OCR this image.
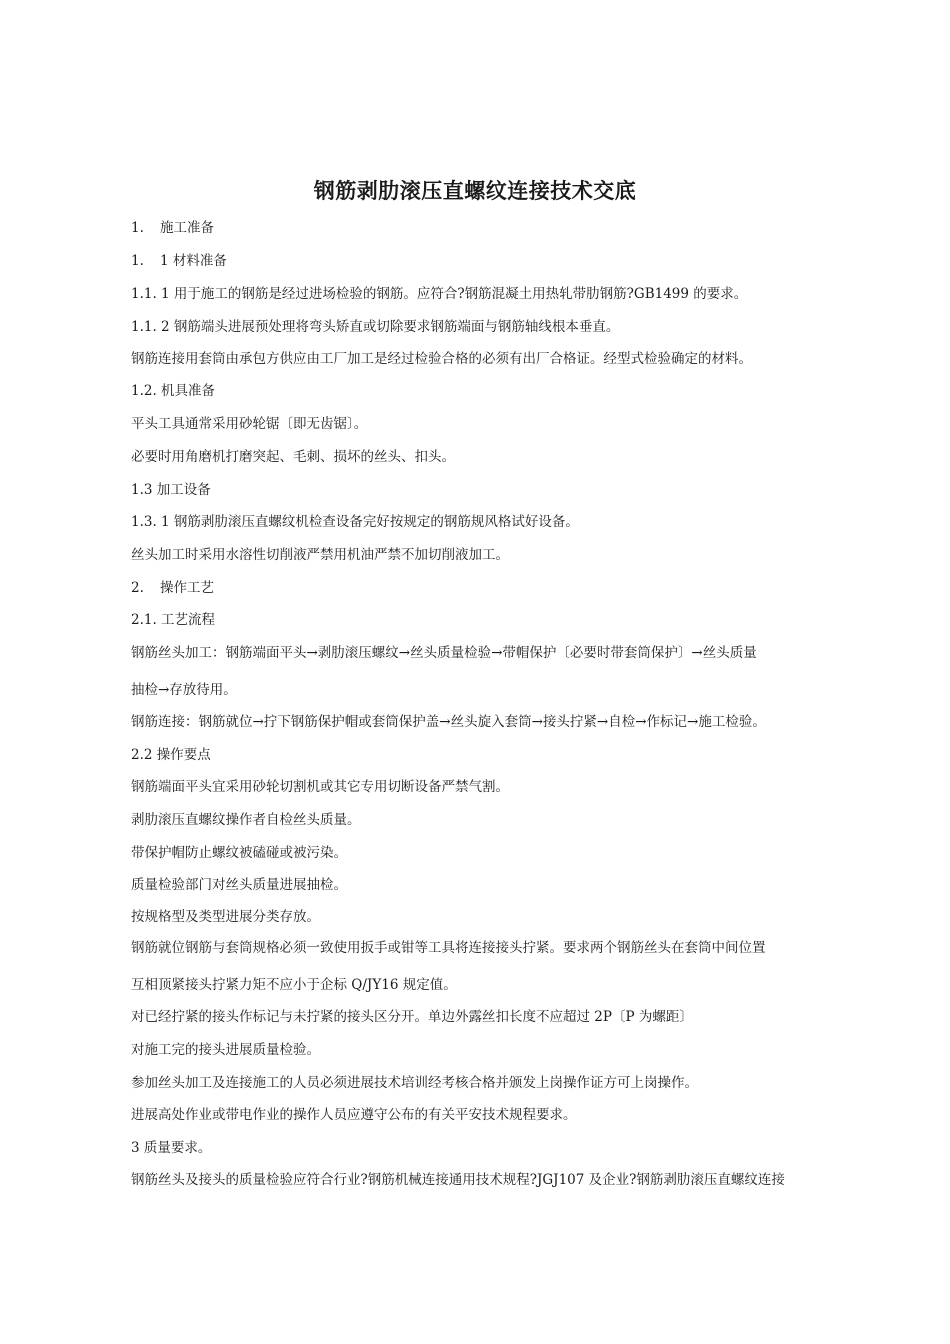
钢筋剥肋滚压直螺纹连接技术交底
1. 施工准备
1. 1 材料准备
1.1. 1 用于施工的钢筋是经过进场检验的钢筋。应符合?钢筋混凝土用热轧带肋钢筋?GB1499 的要求。
1.1. 2 钢筋端头进展预处理将弯头矫直或切除要求钢筋端面与钢筋轴线根本垂直。
钢筋连接用套筒由承包方供应由工厂加工是经过检验合格的必须有出厂合格证。经型式检验确定的材料。
1.2. 机具准备
平头工具通常采用砂轮锯〔即无齿锯〕。
必要时用角磨机打磨突起、毛刺、损坏的丝头、扣头。
1.3 加工设备
1.3. 1 钢筋剥肋滚压直螺纹机检查设备完好按规定的钢筋规风格试好设备。
丝头加工时采用水溶性切削液严禁用机油严禁不加切削液加工。
2. 操作工艺
2.1. 工艺流程
钢筋丝头加工：钢筋端面平头→剥肋滚压螺纹→丝头质量检验→带帽保护〔必要时带套筒保护〕→丝头质量
抽检→存放待用。
钢筋连接：钢筋就位→拧下钢筋保护帽或套筒保护盖→丝头旋入套筒→接头拧紧→自检→作标记→施工检验。
2.2 操作要点
钢筋端面平头宜采用砂轮切割机或其它专用切断设备严禁气割。
剥肋滚压直螺纹操作者自检丝头质量。
带保护帽防止螺纹被磕碰或被污染。
质量检验部门对丝头质量进展抽检。
按规格型及类型进展分类存放。
钢筋就位钢筋与套筒规格必须一致使用扳手或钳等工具将连接接头拧紧。要求两个钢筋丝头在套筒中间位置
互相顶紧接头拧紧力矩不应小于企标 Q/JY16 规定值。
对已经拧紧的接头作标记与未拧紧的接头区分开。单边外露丝扣长度不应超过 2P〔P 为螺距〕
对施工完的接头进展质量检验。
参加丝头加工及连接施工的人员必须进展技术培训经考核合格并颁发上岗操作证方可上岗操作。
进展高处作业或带电作业的操作人员应遵守公布的有关平安技术规程要求。
3 质量要求。
钢筋丝头及接头的质量检验应符合行业?钢筋机械连接通用技术规程?JGJ107 及企业?钢筋剥肋滚压直螺纹连接
